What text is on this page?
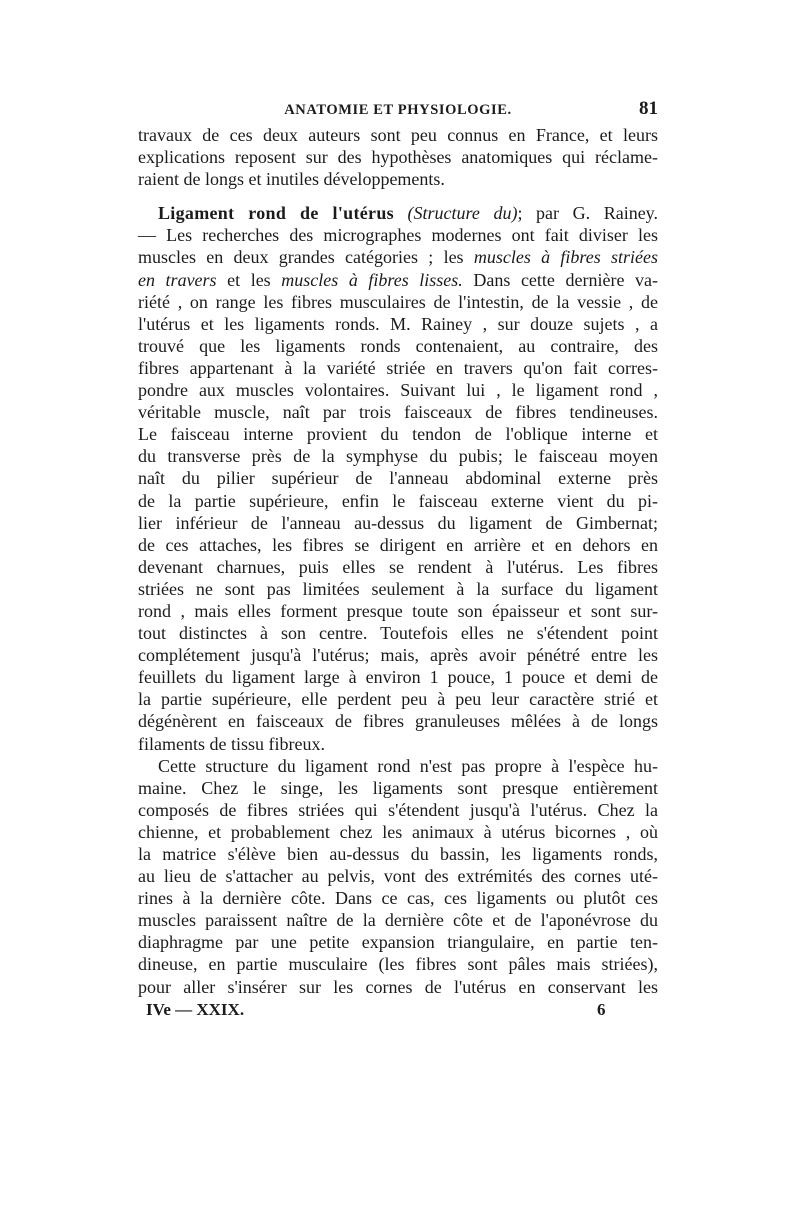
ANATOMIE ET PHYSIOLOGIE.	81

travaux de ces deux auteurs sont peu connus en France, et leurs

explications reposent sur des hypothèses anatomiques qui réclame-

raient de longs et inutiles développements.

Ligament rond de l'utérus (Structure du); par G. Rainey.

— Les recherches des micrographes modernes ont fait diviser les

muscles en deux grandes catégories ; les muscles à fibres striées

en travers et les muscles à fibres lisses. Dans cette dernière va-

riété , on range les fibres musculaires de l'intestin, de la vessie , de

l'utérus et les ligaments ronds. M. Rainey , sur douze sujets , a

trouvé que les ligaments ronds contenaient, au contraire, des

fibres appartenant à la variété striée en travers qu'on fait corres-

pondre aux muscles volontaires. Suivant lui , le ligament rond ,

véritable muscle, naît par trois faisceaux de fibres tendineuses.

Le faisceau interne provient du tendon de l'oblique interne et

du transverse près de la symphyse du pubis; le faisceau moyen

naît du pilier supérieur de l'anneau abdominal externe près

de la partie supérieure, enfin le faisceau externe vient du pi-

lier inférieur de l'anneau au-dessus du ligament de Gimbernat;

de ces attaches, les fibres se dirigent en arrière et en dehors en

devenant charnues, puis elles se rendent à l'utérus. Les fibres

striées ne sont pas limitées seulement à la surface du ligament

rond , mais elles forment presque toute son épaisseur et sont sur-

tout distinctes à son centre. Toutefois elles ne s'étendent point

complétement jusqu'à l'utérus; mais, après avoir pénétré entre les

feuillets du ligament large à environ 1 pouce, 1 pouce et demi de

la partie supérieure, elle perdent peu à peu leur caractère strié et

dégénèrent en faisceaux de fibres granuleuses mêlées à de longs

filaments de tissu fibreux.

Cette structure du ligament rond n'est pas propre à l'espèce hu-

maine. Chez le singe, les ligaments sont presque entièrement

composés de fibres striées qui s'étendent jusqu'à l'utérus. Chez la

chienne, et probablement chez les animaux à utérus bicornes , où

la matrice s'élève bien au-dessus du bassin, les ligaments ronds,

au lieu de s'attacher au pelvis, vont des extrémités des cornes uté-

rines à la dernière côte. Dans ce cas, ces ligaments ou plutôt ces

muscles paraissent naître de la dernière côte et de l'aponévrose du

diaphragme par une petite expansion triangulaire, en partie ten-

dineuse, en partie musculaire (les fibres sont pâles mais striées),

pour aller s'insérer sur les cornes de l'utérus en conservant les

IVe — XXIX.	6
